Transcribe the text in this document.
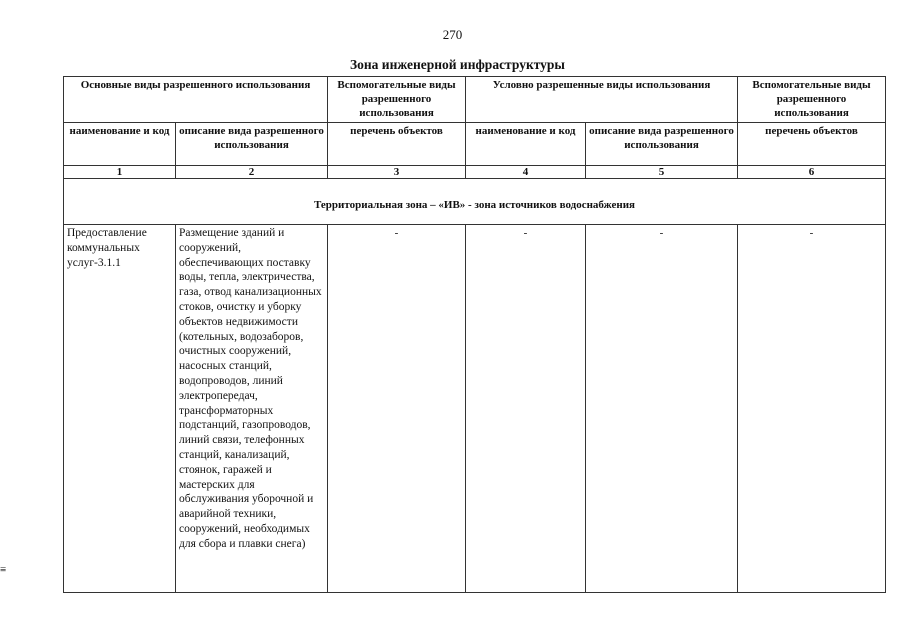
270
Зона инженерной инфраструктуры
Основные виды разрешенного использования		Вспомогательные виды разрешенного использования	Условно разрешенные виды использования		Вспомогательные виды разрешенного использования
наименование и код	описание вида разрешенного использования	перечень объектов	наименование и код	описание вида разрешенного использования	перечень объектов
1	2	3	4	5	6
Территориальная зона – «ИВ» - зона источников водоснабжения					
Предоставление коммунальных услуг-3.1.1	Размещение зданий и сооружений, обеспечивающих поставку воды, тепла, электричества, газа, отвод канализационных стоков, очистку и уборку объектов недвижимости (котельных, водозаборов, очистных сооружений, насосных станций, водопроводов, линий электропередач, трансформаторных подстанций, газопроводов, линий связи, телефонных станций, канализаций, стоянок, гаражей и мастерских для обслуживания уборочной и аварийной техники, сооружений, необходимых для сбора и плавки снега)	-	-	-	-
≡
